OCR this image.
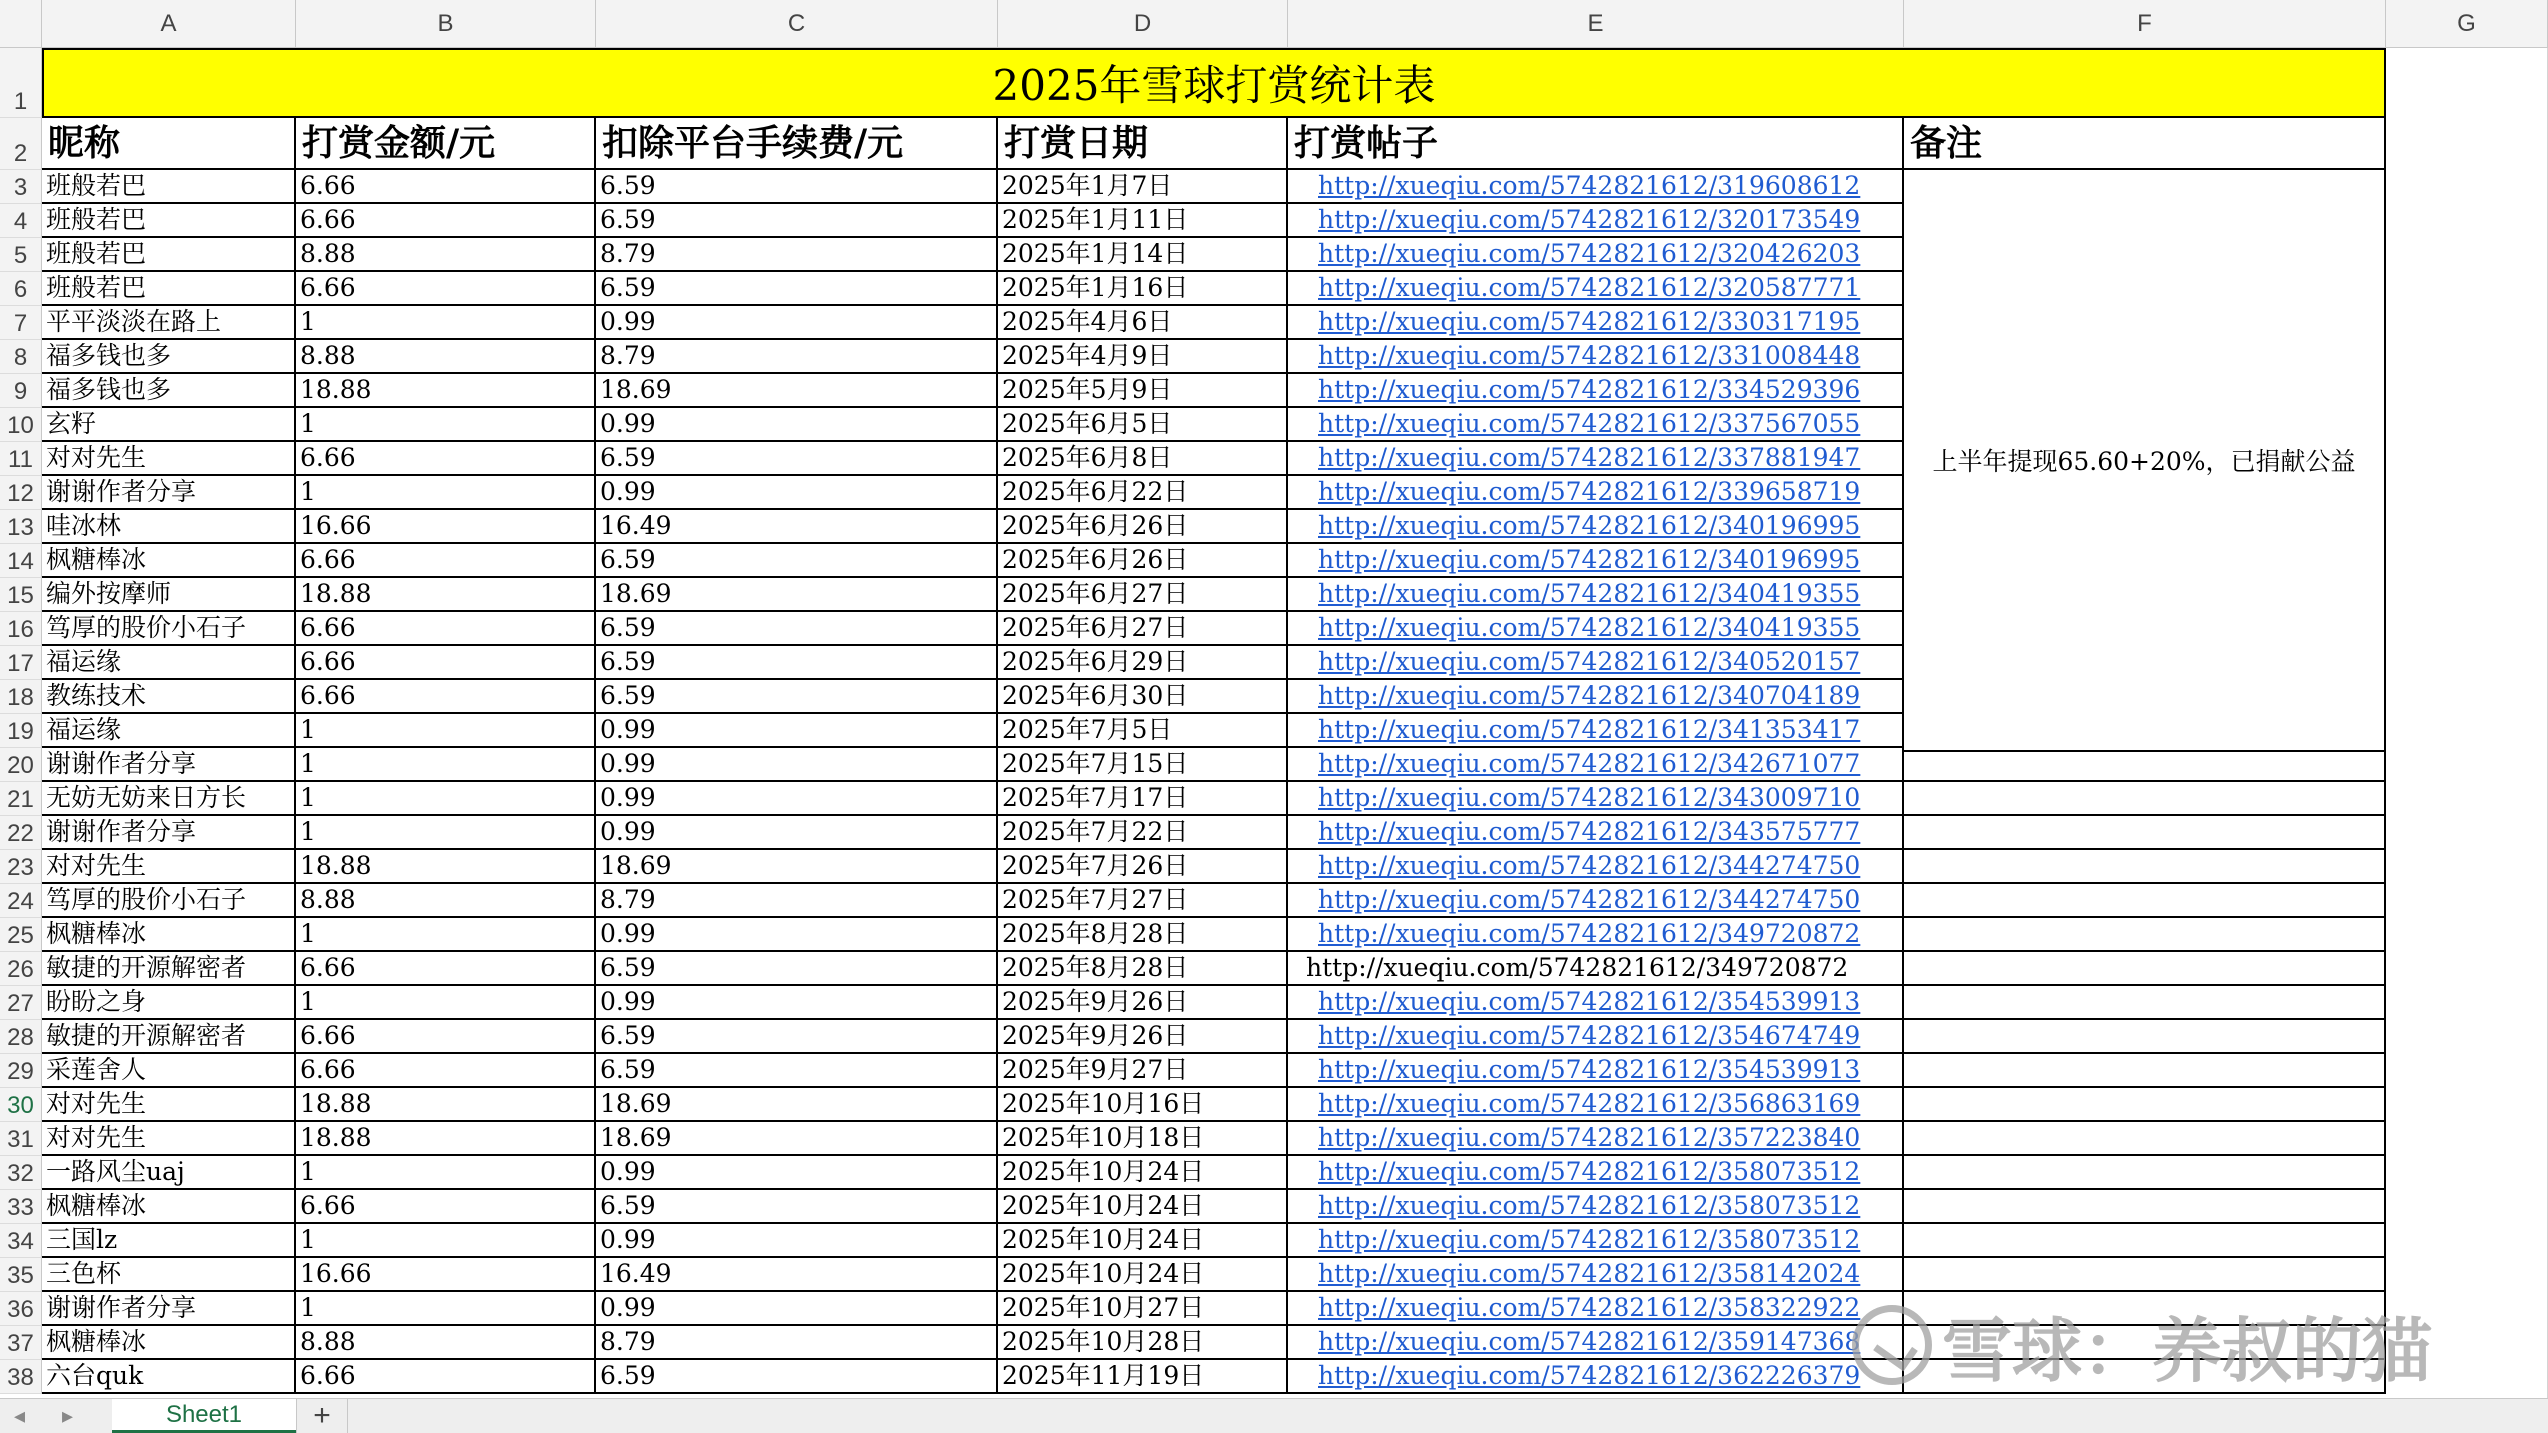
A	B	C	D	E	F	G
1
2
3
4
5
6
7
8
9
10
11
12
13
14
15
16
17
18
19
20
21
22
23
24
25
26
27
28
29
30
31
32
33
34
35
36
37
38
2025年雪球打赏统计表
昵称	打赏金额/元	扣除平台手续费/元	打赏日期	打赏帖子	备注
班般若巴	6.66	6.59	2025年1月7日	http://xueqiu.com/5742821612/319608612
班般若巴	6.66	6.59	2025年1月11日	http://xueqiu.com/5742821612/320173549
班般若巴	8.88	8.79	2025年1月14日	http://xueqiu.com/5742821612/320426203
班般若巴	6.66	6.59	2025年1月16日	http://xueqiu.com/5742821612/320587771
平平淡淡在路上	1	0.99	2025年4月6日	http://xueqiu.com/5742821612/330317195
福多钱也多	8.88	8.79	2025年4月9日	http://xueqiu.com/5742821612/331008448
福多钱也多	18.88	18.69	2025年5月9日	http://xueqiu.com/5742821612/334529396
玄籽	1	0.99	2025年6月5日	http://xueqiu.com/5742821612/337567055
对对先生	6.66	6.59	2025年6月8日	http://xueqiu.com/5742821612/337881947
谢谢作者分享	1	0.99	2025年6月22日	http://xueqiu.com/5742821612/339658719
哇冰林	16.66	16.49	2025年6月26日	http://xueqiu.com/5742821612/340196995
枫糖棒冰	6.66	6.59	2025年6月26日	http://xueqiu.com/5742821612/340196995
编外按摩师	18.88	18.69	2025年6月27日	http://xueqiu.com/5742821612/340419355
笃厚的股价小石子	6.66	6.59	2025年6月27日	http://xueqiu.com/5742821612/340419355
福运缘	6.66	6.59	2025年6月29日	http://xueqiu.com/5742821612/340520157
教练技术	6.66	6.59	2025年6月30日	http://xueqiu.com/5742821612/340704189
福运缘	1	0.99	2025年7月5日	http://xueqiu.com/5742821612/341353417
谢谢作者分享	1	0.99	2025年7月15日	http://xueqiu.com/5742821612/342671077
无妨无妨来日方长	1	0.99	2025年7月17日	http://xueqiu.com/5742821612/343009710
谢谢作者分享	1	0.99	2025年7月22日	http://xueqiu.com/5742821612/343575777
对对先生	18.88	18.69	2025年7月26日	http://xueqiu.com/5742821612/344274750
笃厚的股价小石子	8.88	8.79	2025年7月27日	http://xueqiu.com/5742821612/344274750
枫糖棒冰	1	0.99	2025年8月28日	http://xueqiu.com/5742821612/349720872
敏捷的开源解密者	6.66	6.59	2025年8月28日	http://xueqiu.com/5742821612/349720872
盼盼之身	1	0.99	2025年9月26日	http://xueqiu.com/5742821612/354539913
敏捷的开源解密者	6.66	6.59	2025年9月26日	http://xueqiu.com/5742821612/354674749
采莲舍人	6.66	6.59	2025年9月27日	http://xueqiu.com/5742821612/354539913
对对先生	18.88	18.69	2025年10月16日	http://xueqiu.com/5742821612/356863169
对对先生	18.88	18.69	2025年10月18日	http://xueqiu.com/5742821612/357223840
一路风尘uaj	1	0.99	2025年10月24日	http://xueqiu.com/5742821612/358073512
枫糖棒冰	6.66	6.59	2025年10月24日	http://xueqiu.com/5742821612/358073512
三国lz	1	0.99	2025年10月24日	http://xueqiu.com/5742821612/358073512
三色杯	16.66	16.49	2025年10月24日	http://xueqiu.com/5742821612/358142024
谢谢作者分享	1	0.99	2025年10月27日	http://xueqiu.com/5742821612/358322922
枫糖棒冰	8.88	8.79	2025年10月28日	http://xueqiu.com/5742821612/359147368
六台quk	6.66	6.59	2025年11月19日	http://xueqiu.com/5742821612/362226379
上半年提现65.60+20%，已捐献公益
雪球：养叔的猫
◂ ▸	Sheet1	+
